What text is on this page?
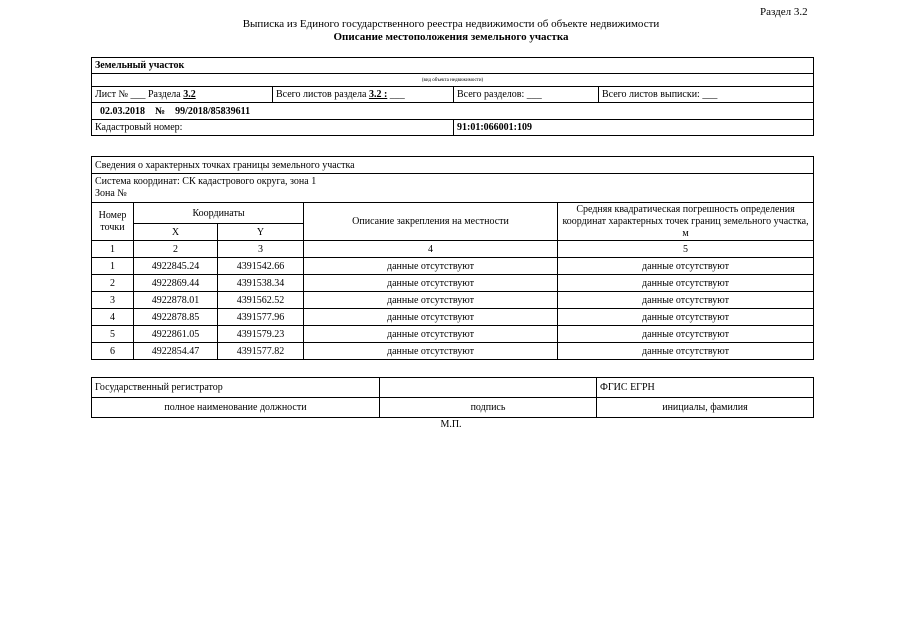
Раздел 3.2
Выписка из Единого государственного реестра недвижимости об объекте недвижимости
Описание местоположения земельного участка
Земельный участок			
(вид объекта недвижимости)			
Лист № ___ Раздела 3.2	Всего листов раздела 3.2 : ___	Всего разделов: ___	Всего листов выписки: ___
02.03.2018 № 99/2018/85839611			
Кадастровый номер:		91:01:066001:109	
Сведения о характерных точках границы земельного участка				

Система координат: СК кадастрового округа, зона 1
Зона №				

Номер точки	Координаты		Описание закрепления на местности	Средняя квадратическая погрешность определения координат характерных точек границ земельного участка, м
	X	Y		
1	2	3	4	5
1	4922845.24	4391542.66	данные отсутствуют	данные отсутствуют
2	4922869.44	4391538.34	данные отсутствуют	данные отсутствуют
3	4922878.01	4391562.52	данные отсутствуют	данные отсутствуют
4	4922878.85	4391577.96	данные отсутствуют	данные отсутствуют
5	4922861.05	4391579.23	данные отсутствуют	данные отсутствуют
6	4922854.47	4391577.82	данные отсутствуют	данные отсутствуют
Государственный регистратор		ФГИС ЕГРН
полное наименование должности	подпись	инициалы, фамилия
М.П.
